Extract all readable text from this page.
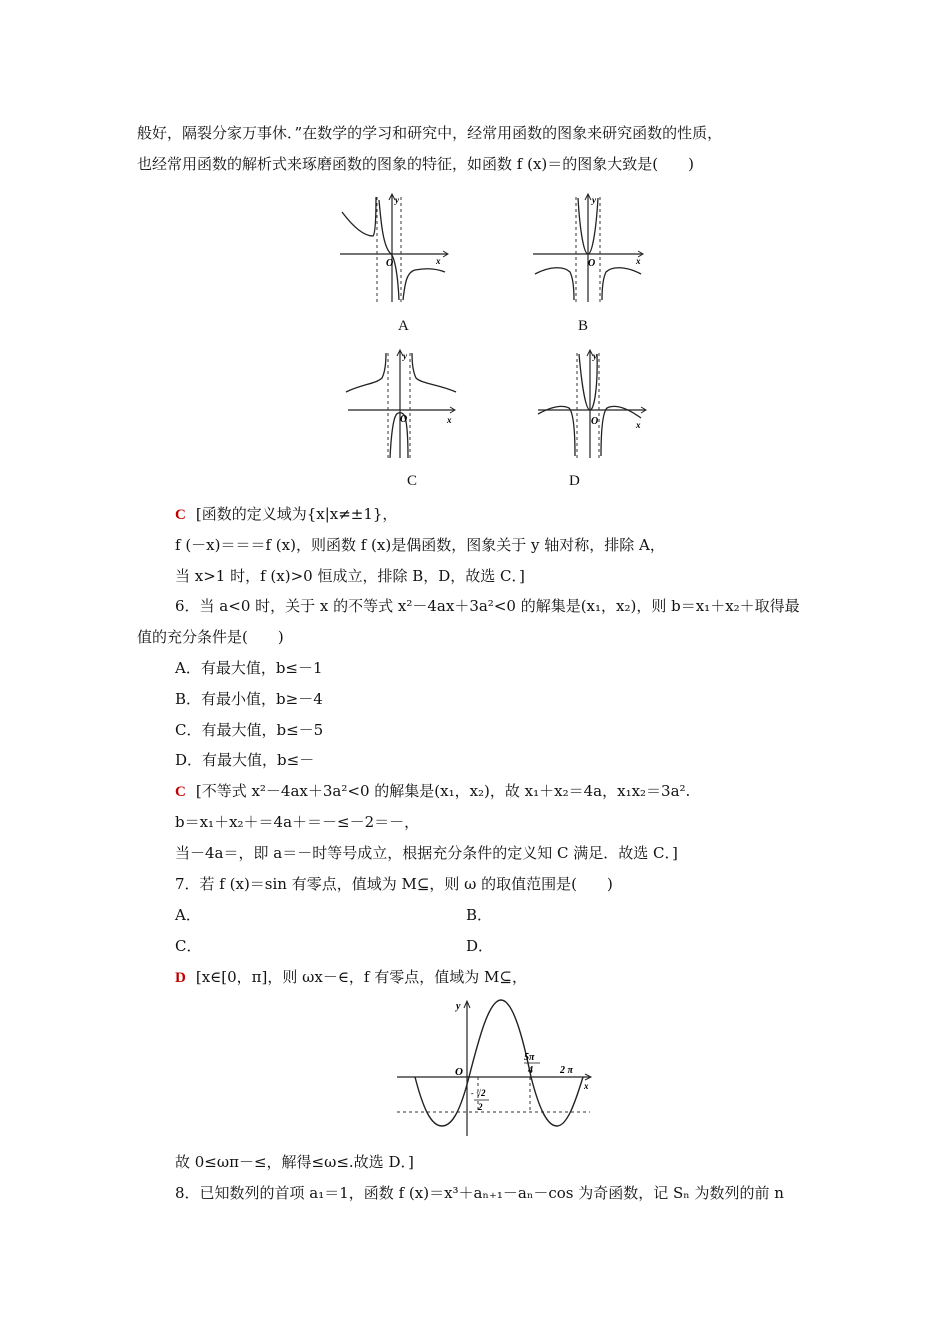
般好，隔裂分家万事休．”在数学的学习和研究中，经常用函数的图象来研究函数的性质，
也经常用函数的解析式来琢磨函数的图象的特征，如函数 f (x)＝的图象大致是(　　)
x
y
O
A
x
y
O
B
x
y
O
C
x
y
O
D
C [函数的定义域为{x|x≠±1}，
f (－x)＝＝＝f (x)，则函数 f (x)是偶函数，图象关于 y 轴对称，排除 A，
当 x>1 时，f (x)>0 恒成立，排除 B，D，故选 C．]
6．当 a<0 时，关于 x 的不等式 x²－4ax＋3a²<0 的解集是(x₁，x₂)，则 b＝x₁＋x₂＋取得最
值的充分条件是(　　)
A．有最大值，b≤－1
B．有最小值，b≥－4
C．有最大值，b≤－5
D．有最大值，b≤－
C [不等式 x²－4ax＋3a²<0 的解集是(x₁，x₂)，故 x₁＋x₂＝4a，x₁x₂＝3a².
b＝x₁＋x₂＋＝4a＋＝－≤－2＝－，
当－4a＝，即 a＝－时等号成立，根据充分条件的定义知 C 满足．故选 C．]
7．若 f (x)＝sin 有零点，值域为 M⊆，则 ω 的取值范围是(　　)
A．	B．
C．	D．
D [x∈[0，π]，则 ωx－∈，f 有零点，值域为 M⊆，
y
O
x
5π
4	2 π
- √2
2
故 0≤ωπ－≤，解得≤ω≤.故选 D．]
8．已知数列的首项 a₁＝1，函数 f (x)＝x³＋aₙ₊₁－aₙ－cos 为奇函数，记 Sₙ 为数列的前 n
